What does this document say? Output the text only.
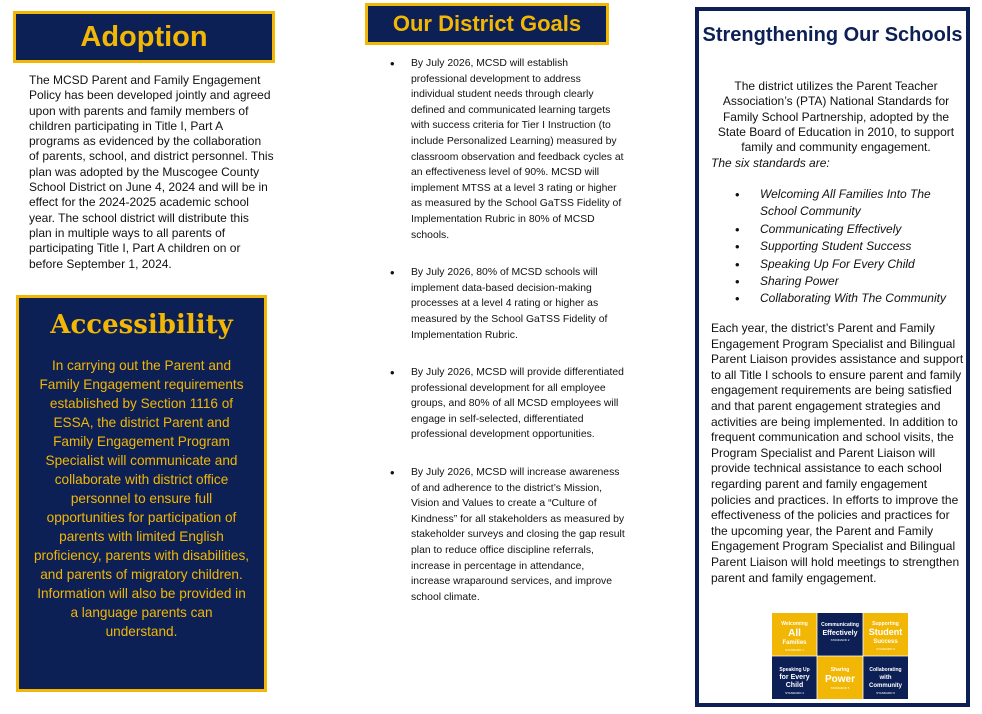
Adoption

The MCSD Parent and Family Engagement Policy has been developed jointly and agreed upon with parents and family members of children participating in Title I, Part A programs as evidenced by the collaboration of parents, school, and district personnel. This plan was adopted by the Muscogee County School District on June 4, 2024 and will be in effect for the 2024-2025 academic school year. The school district will distribute this plan in multiple ways to all parents of participating Title I, Part A children on or before September 1, 2024.

Accessibility

In carrying out the Parent and Family Engagement requirements established by Section 1116 of ESSA, the district Parent and Family Engagement Program Specialist will communicate and collaborate with district office personnel to ensure full opportunities for participation of parents with limited English proficiency, parents with disabilities, and parents of migratory children. Information will also be provided in a language parents can understand.

Our District Goals
• By July 2026, MCSD will establish professional development to address individual student needs through clearly defined and communicated learning targets with success criteria for Tier I Instruction (to include Personalized Learning) measured by classroom observation and feedback cycles at an effectiveness level of 90%. MCSD will implement MTSS at a level 3 rating or higher as measured by the School GaTSS Fidelity of Implementation Rubric in 80% of MCSD schools.
• By July 2026, 80% of MCSD schools will implement data-based decision-making processes at a level 4 rating or higher as measured by the School GaTSS Fidelity of Implementation Rubric.
• By July 2026, MCSD will provide differentiated professional development for all employee groups, and 80% of all MCSD employees will engage in self-selected, differentiated professional development opportunities.
• By July 2026, MCSD will increase awareness of and adherence to the district’s Mission, Vision and Values to create a “Culture of Kindness” for all stakeholders as measured by stakeholder surveys and closing the gap result plan to reduce office discipline referrals, increase in percentage in attendance, increase wraparound services, and improve school climate.
Strengthening Our Schools

The district utilizes the Parent Teacher Association’s (PTA) National Standards for Family School Partnership, adopted by the State Board of Education in 2010, to support family and community engagement.

The six standards are:

• Welcoming All Families Into The School Community
• Communicating Effectively
• Supporting Student Success
• Speaking Up For Every Child
• Sharing Power
• Collaborating With The Community

Each year, the district’s Parent and Family Engagement Program Specialist and Bilingual Parent Liaison provides assistance and support to all Title I schools to ensure parent and family engagement requirements are being satisfied and that parent engagement strategies and activities are being implemented. In addition to frequent communication and school visits, the Program Specialist and Parent Liaison will provide technical assistance to each school regarding parent and family engagement policies and practices. In efforts to improve the effectiveness of the policies and practices for the upcoming year, the Parent and Family Engagement Program Specialist and Bilingual Parent Liaison will hold meetings to strengthen parent and family engagement.

Welcoming
All
Families
STANDARD 1
Communicating
Effectively
STANDARD 2
Supporting
Student
Success
STANDARD 3
Speaking Up
for Every
Child
STANDARD 4
Sharing
Power
STANDARD 5
Collaborating
with
Community
STANDARD 6
